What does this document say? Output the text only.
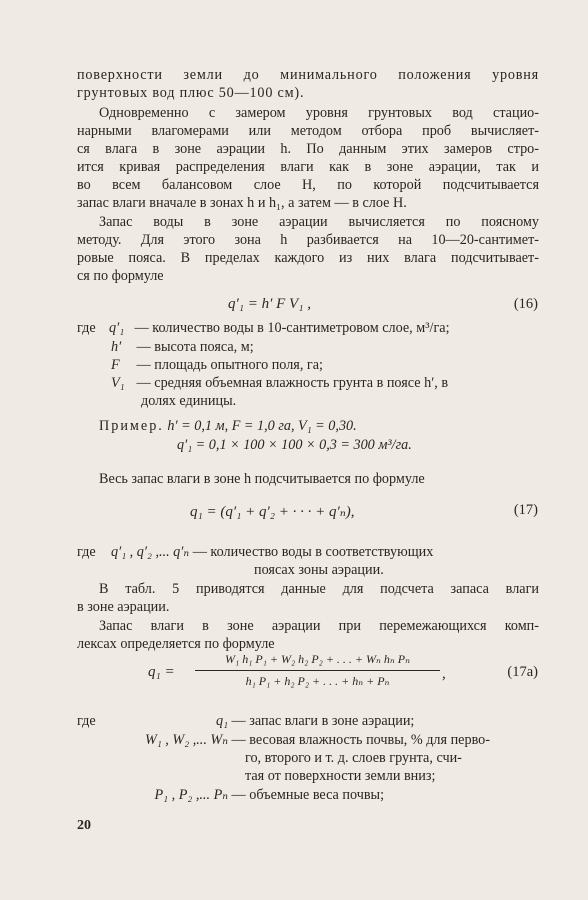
поверхности земли до минимального положения уровня
грунтовых вод плюс 50—100 см).
Одновременно с замером уровня грунтовых вод стацио-
нарными влагомерами или методом отбора проб вычисляет-
ся влага в зоне аэрации h. По данным этих замеров стро-
ится кривая распределения влаги как в зоне аэрации, так и
во всем балансовом слое H, по которой подсчитывается
запас влаги вначале в зонах h и h₁, а затем — в слое H.
Запас воды в зоне аэрации вычисляется по поясному
методу. Для этого зона h разбивается на 10—20-сантимет-
ровые пояса. В пределах каждого из них влага подсчитывает-
ся по формуле
q′₁ = h′ F V₁ ,	(16)
где q′₁ — количество воды в 10-сантиметровом слое, м³/га;
h′ — высота пояса, м;
F — площадь опытного поля, га;
V₁ — средняя объемная влажность грунта в поясе h′, в
долях единицы.
Пример. h′ = 0,1 м, F = 1,0 га, V₁ = 0,30.
q′₁ = 0,1 × 100 × 100 × 0,3 = 300 м³/га.
Весь запас влаги в зоне h подсчитывается по формуле
q₁ = (q′₁ + q′₂ + · · · + q′ₙ),	(17)
где q′₁ , q′₂ ,... q′ₙ — количество воды в соответствующих
поясах зоны аэрации.
В табл. 5 приводятся данные для подсчета запаса влаги
в зоне аэрации.
Запас влаги в зоне аэрации при перемежающихся комп-
лексах определяется по формуле
$q_1 = \frac{\text{W₁ h₁ P₁ + W₂ h₂ P₂ + . . . + Wₙ hₙ Pₙ}}{\text{h₁ P₁ + h₂ P₂ + . . . + hₙ + Pₙ}}$ ,	(17а)
где	q₁ — запас влаги в зоне аэрации;
W₁ , W₂ ,... Wₙ — весовая влажность почвы, % для перво-
го, второго и т. д. слоев грунта, счи-
тая от поверхности земли вниз;
P₁ , P₂ ,... Pₙ — объемные веса почвы;
20
